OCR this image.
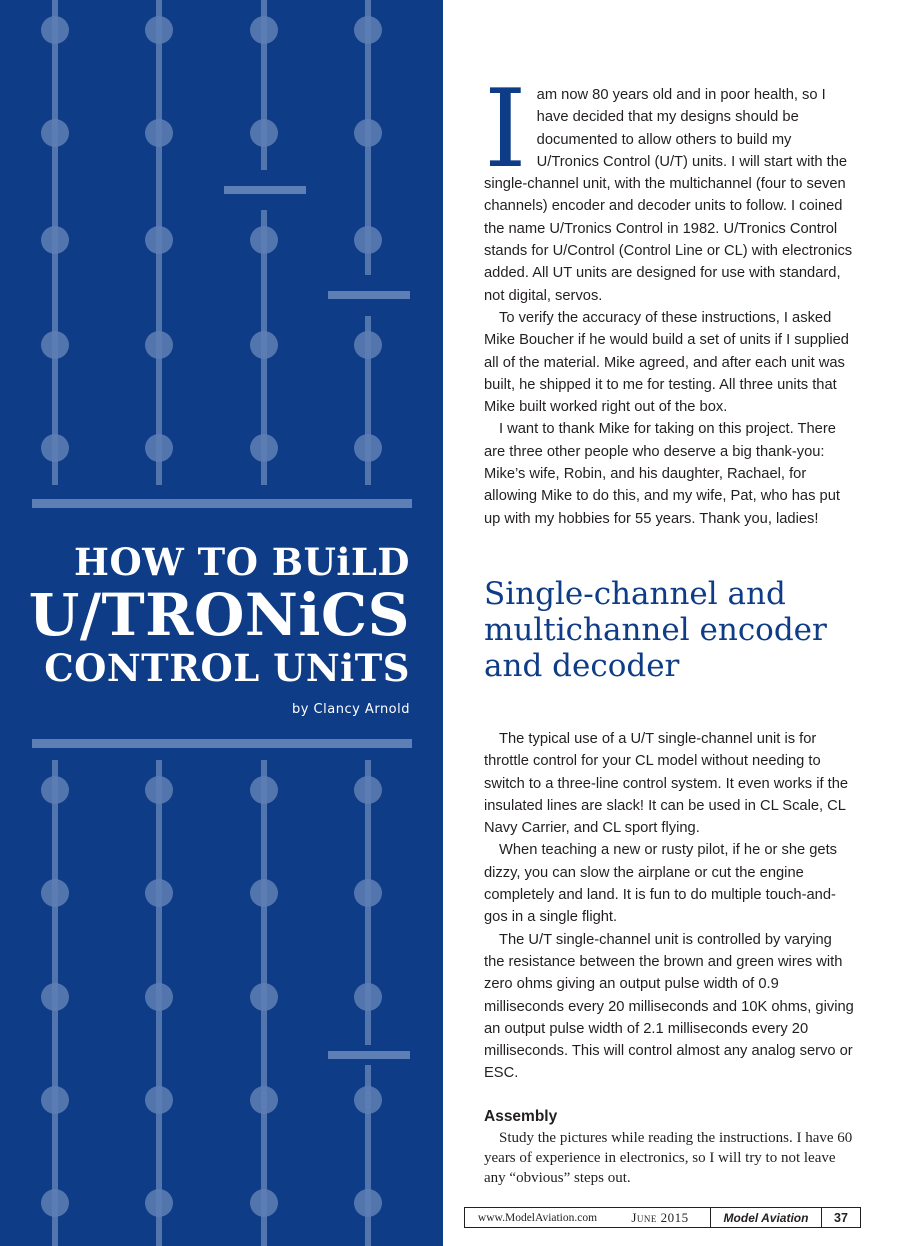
HOW TO BUiLD
U/TRONiCS
CONTROL UNiTS
by Clancy Arnold

Iam now 80 years old and in poor health, so I have decided that my designs should be documented to allow others to build my U/Tronics Control (U/T) units. I will start with the single-channel unit, with the multichannel (four to seven channels) encoder and decoder units to follow. I coined the name U/Tronics Control in 1982. U/Tronics Control stands for U/Control (Control Line or CL) with electronics added. All UT units are designed for use with standard, not digital, servos.

To verify the accuracy of these instructions, I asked Mike Boucher if he would build a set of units if I supplied all of the material. Mike agreed, and after each unit was built, he shipped it to me for testing. All three units that Mike built worked right out of the box.

I want to thank Mike for taking on this project. There are three other people who deserve a big thank-you: Mike’s wife, Robin, and his daughter, Rachael, for allowing Mike to do this, and my wife, Pat, who has put up with my hobbies for 55 years. Thank you, ladies!

Single-channel and multichannel encoder and decoder

The typical use of a U/T single-channel unit is for throttle control for your CL model without needing to switch to a three-line control system. It even works if the insulated lines are slack! It can be used in CL Scale, CL Navy Carrier, and CL sport flying.

When teaching a new or rusty pilot, if he or she gets dizzy, you can slow the airplane or cut the engine completely and land. It is fun to do multiple touch-and-gos in a single flight.

The U/T single-channel unit is controlled by varying the resistance between the brown and green wires with zero ohms giving an output pulse width of 0.9 milliseconds every 20 milliseconds and 10K ohms, giving an output pulse width of 2.1 milliseconds every 20 milliseconds. This will control almost any analog servo or ESC.

Assembly

Study the pictures while reading the instructions. I have 60 years of experience in electronics, so I will try to not leave any “obvious” steps out.

www.ModelAviation.com	June 2015	Model Aviation	37
